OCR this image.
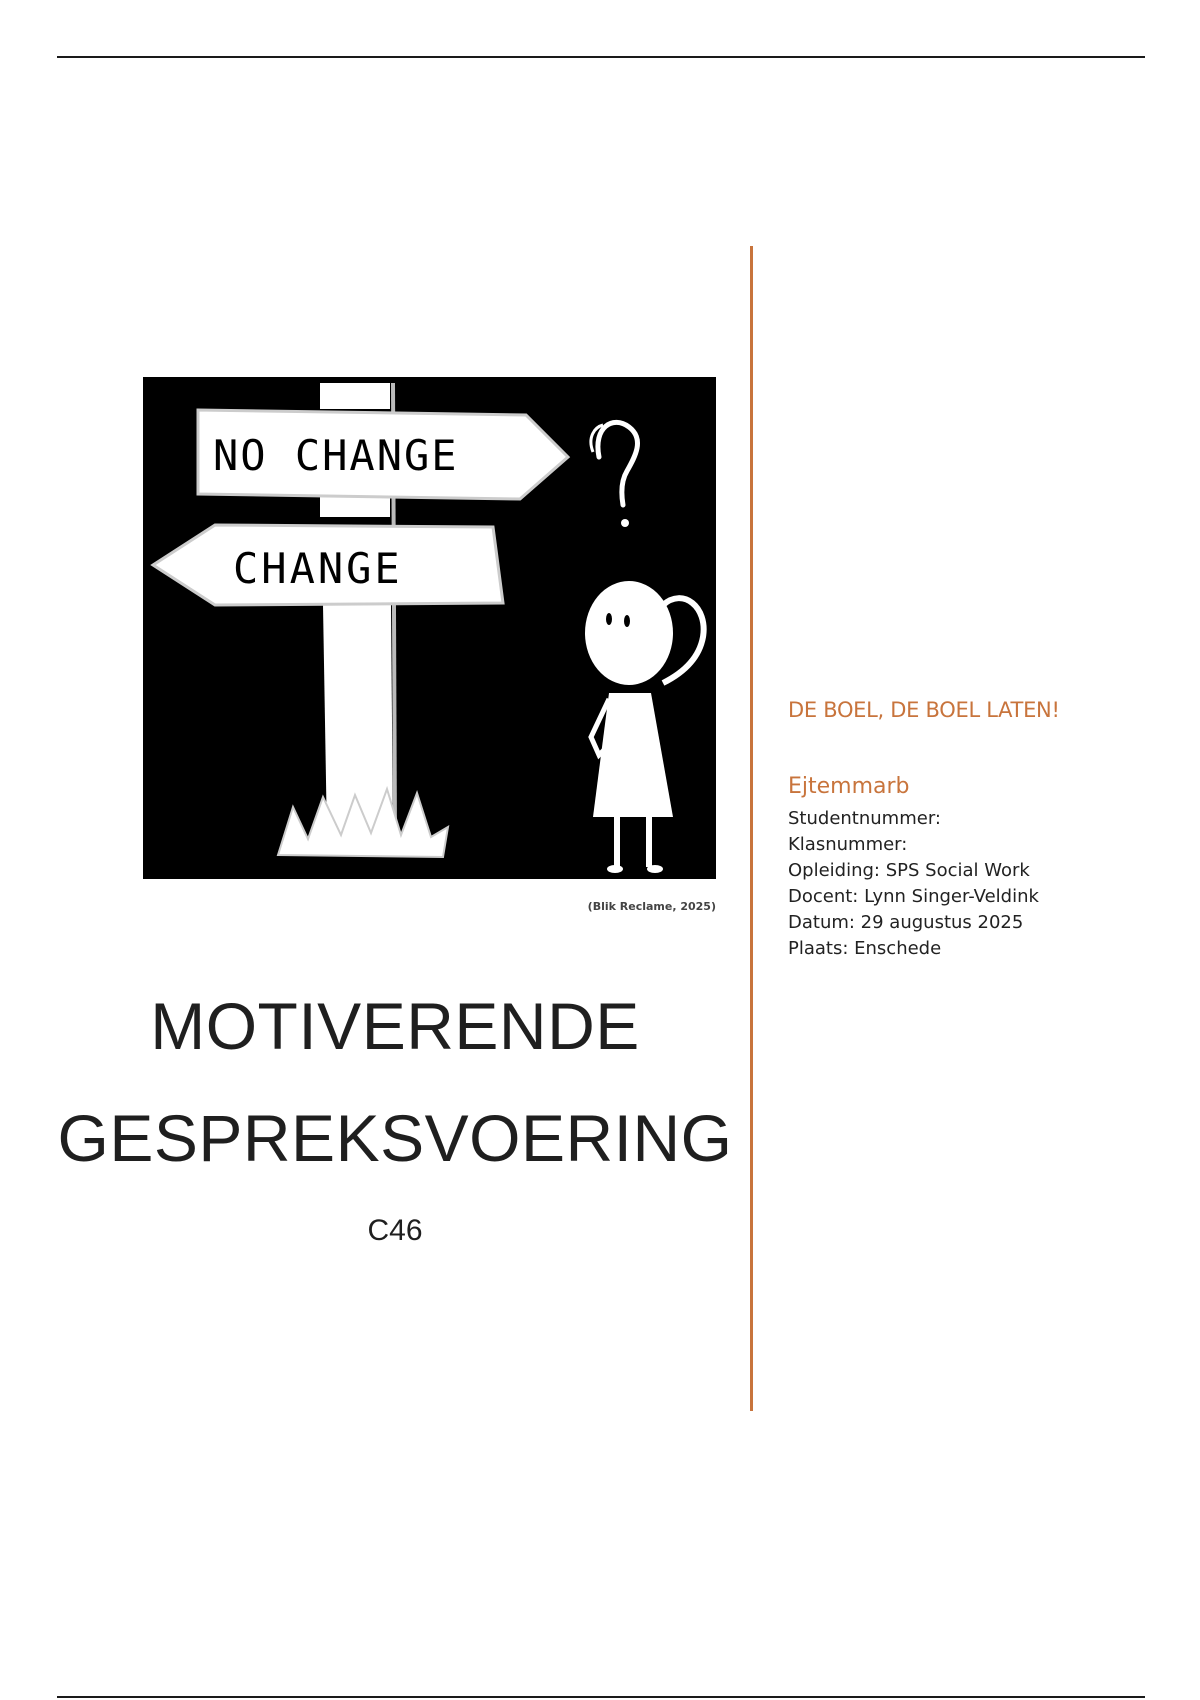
NO CHANGE
CHANGE
(Blik Reclame, 2025)
MOTIVERENDE
GESPREKSVOERING
C46
DE BOEL, DE BOEL LATEN!
Ejtemmarb
Studentnummer:
Klasnummer:
Opleiding: SPS Social Work
Docent: Lynn Singer-Veldink
Datum: 29 augustus 2025
Plaats: Enschede
